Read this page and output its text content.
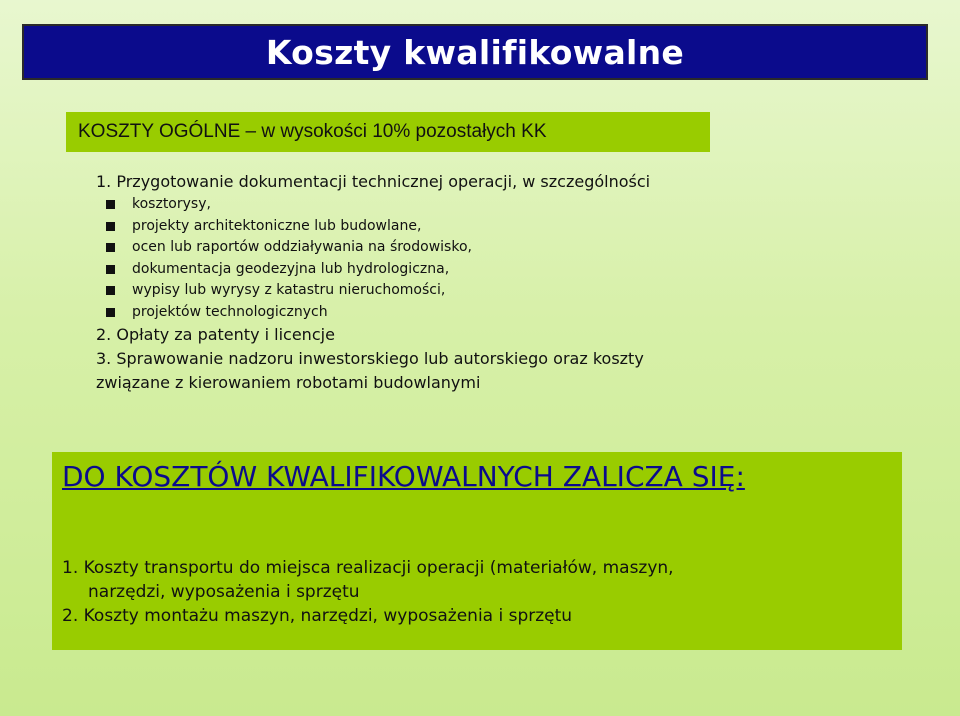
Koszty kwalifikowalne
KOSZTY OGÓLNE – w wysokości 10% pozostałych KK

1. Przygotowanie dokumentacji technicznej operacji, w szczególności

kosztorysy,
projekty architektoniczne lub budowlane,
ocen lub raportów oddziaływania na środowisko,
dokumentacja geodezyjna lub hydrologiczna,
wypisy lub wyrysy z katastru nieruchomości,
projektów technologicznych

2. Opłaty za patenty i licencje

3. Sprawowanie nadzoru inwestorskiego lub autorskiego oraz koszty

związane z kierowaniem robotami budowlanymi

DO KOSZTÓW KWALIFIKOWALNYCH ZALICZA SIĘ:
1. Koszty transportu do miejsca realizacji operacji (materiałów, maszyn,
narzędzi, wyposażenia i sprzętu
2. Koszty montażu maszyn, narzędzi, wyposażenia i sprzętu
